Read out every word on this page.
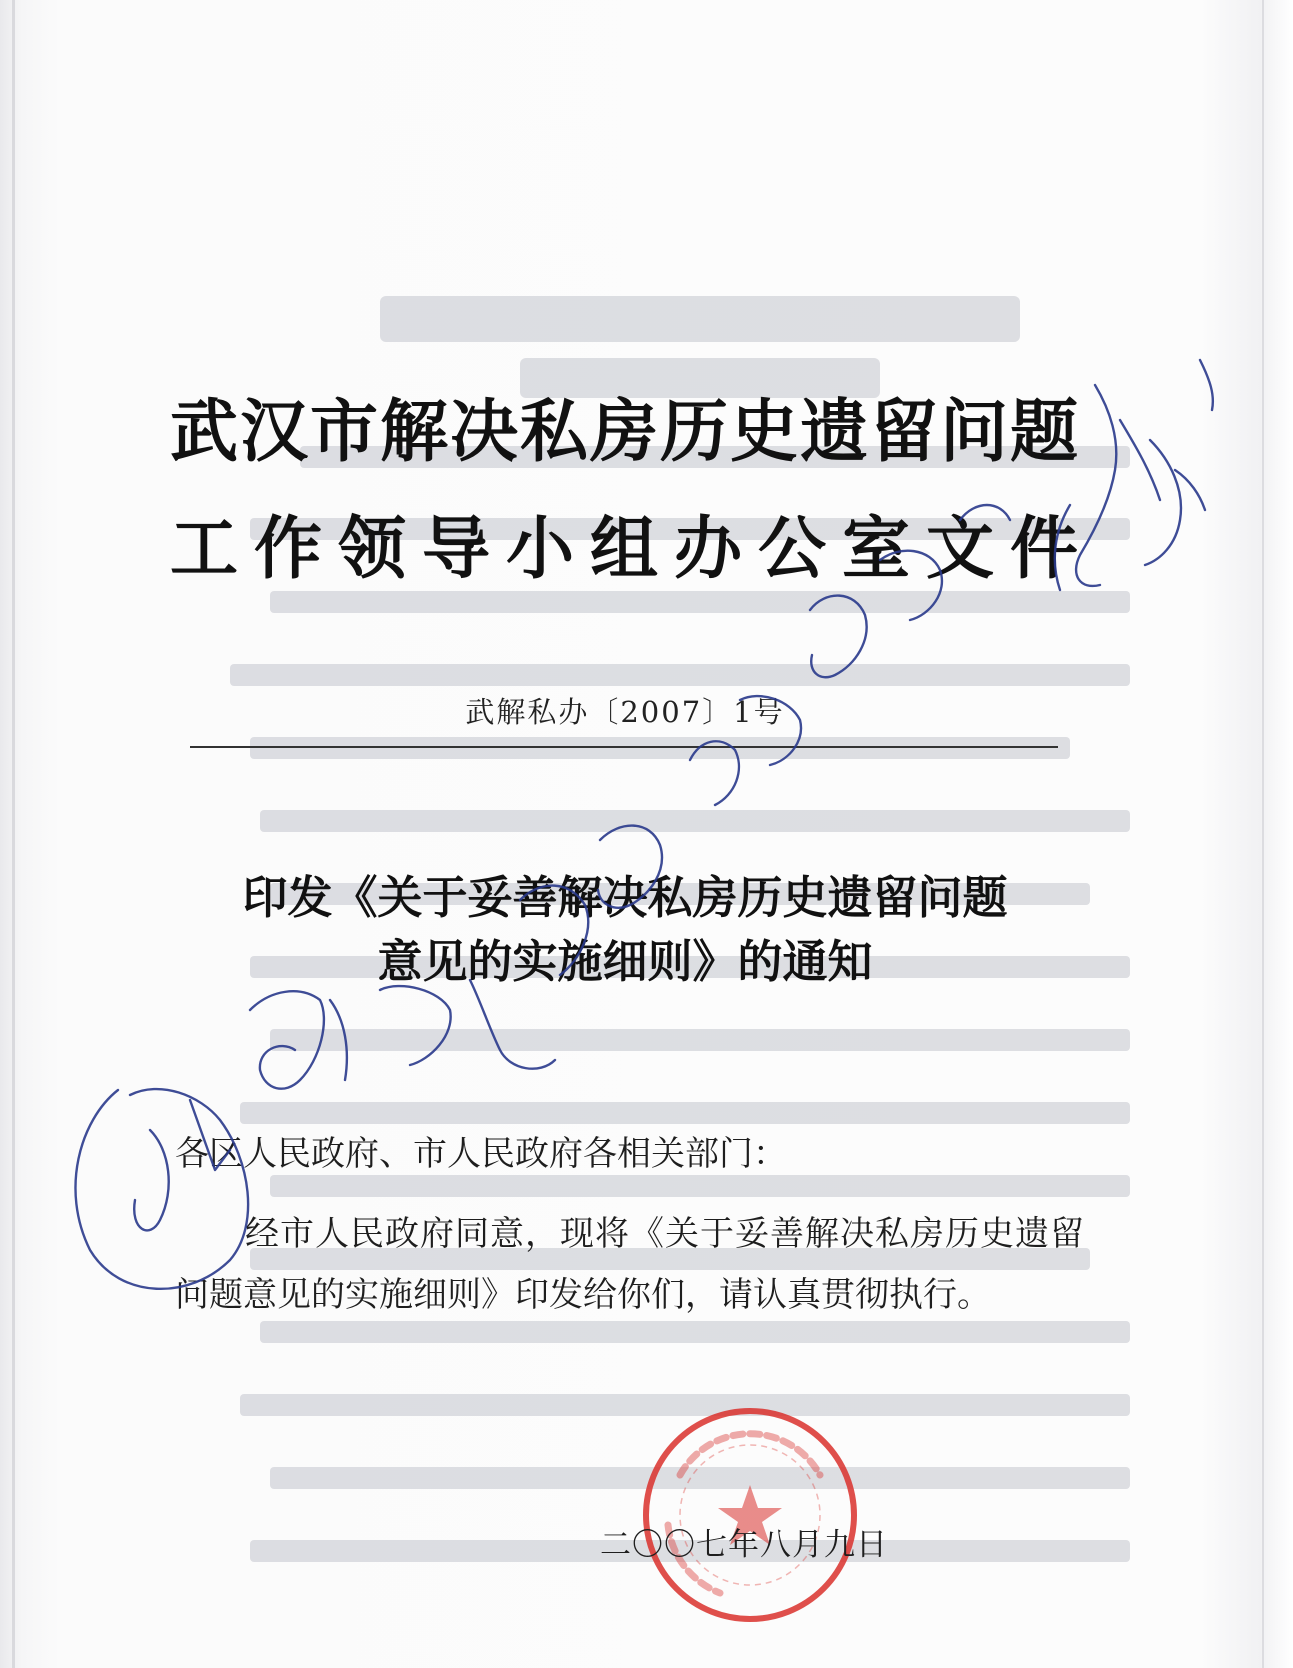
武汉市解决私房历史遗留问题
工作领导小组办公室文件
武解私办〔2007〕1号
印发《关于妥善解决私房历史遗留问题
意见的实施细则》的通知
各区人民政府、市人民政府各相关部门：
经市人民政府同意，现将《关于妥善解决私房历史遗留
问题意见的实施细则》印发给你们，请认真贯彻执行。
二〇〇七年八月九日
